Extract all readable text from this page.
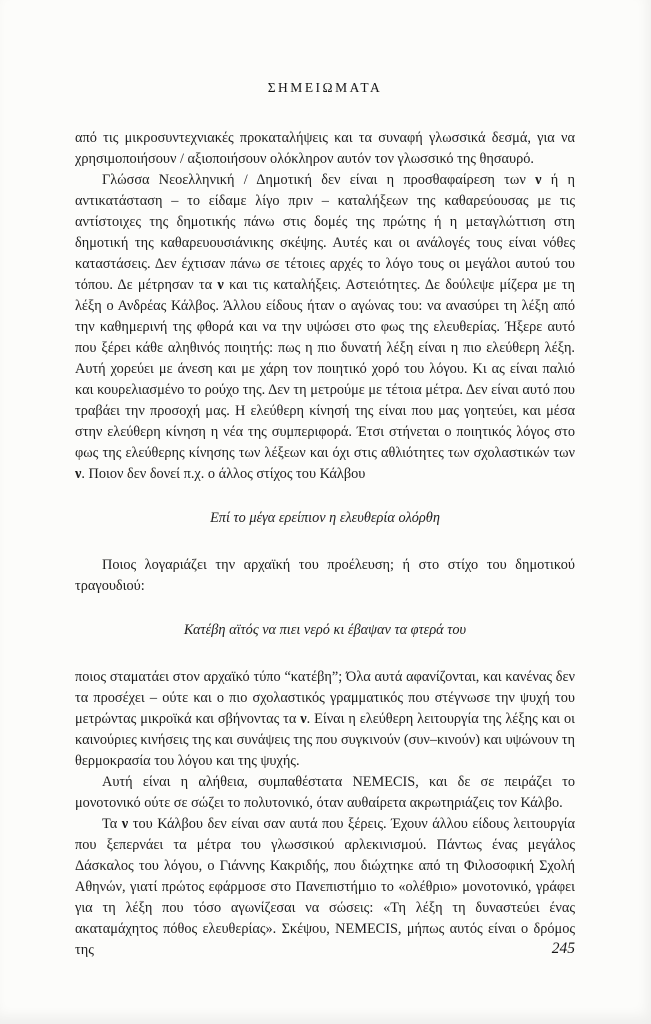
ΣΗΜΕΙΩΜΑΤΑ

από τις μικροσυντεχνιακές προκαταλήψεις και τα συναφή γλωσσικά δεσμά, για να χρησιμοποιήσουν / αξιοποιήσουν ολόκληρον αυτόν τον γλωσσικό της θησαυρό.

Γλώσσα Νεοελληνική / Δημοτική δεν είναι η προσθαφαίρεση των ν ή η αντικατάσταση – το είδαμε λίγο πριν – καταλήξεων της καθαρεύουσας με τις αντίστοιχες της δημοτικής πάνω στις δομές της πρώτης ή η μεταγλώττιση στη δημοτική της καθαρευουσιάνικης σκέψης. Αυτές και οι ανάλογές τους είναι νόθες καταστάσεις. Δεν έχτισαν πάνω σε τέτοιες αρχές το λόγο τους οι μεγάλοι αυτού του τόπου. Δε μέτρησαν τα ν και τις καταλήξεις. Αστειότητες. Δε δούλεψε μίζερα με τη λέξη ο Ανδρέας Κάλβος. Άλλου είδους ήταν ο αγώνας του: να ανασύρει τη λέξη από την καθημερινή της φθορά και να την υψώσει στο φως της ελευθερίας. Ήξερε αυτό που ξέρει κάθε αληθινός ποιητής: πως η πιο δυνατή λέξη είναι η πιο ελεύθερη λέξη. Αυτή χορεύει με άνεση και με χάρη τον ποιητικό χορό του λόγου. Κι ας είναι παλιό και κουρελιασμένο το ρούχο της. Δεν τη μετρούμε με τέτοια μέτρα. Δεν είναι αυτό που τραβάει την προσοχή μας. Η ελεύθερη κίνησή της είναι που μας γοητεύει, και μέσα στην ελεύθερη κίνηση η νέα της συμπεριφορά. Έτσι στήνεται ο ποιητικός λόγος στο φως της ελεύθερης κίνησης των λέξεων και όχι στις αθλιότητες των σχολαστικών των ν. Ποιον δεν δονεί π.χ. ο άλλος στίχος του Κάλβου

Επί το μέγα ερείπιον η ελευθερία ολόρθη

Ποιος λογαριάζει την αρχαϊκή του προέλευση; ή στο στίχο του δημοτικού τραγουδιού:

Κατέβη αϊτός να πιει νερό κι έβαψαν τα φτερά του

ποιος σταματάει στον αρχαϊκό τύπο “κατέβη”; Όλα αυτά αφανίζονται, και κανένας δεν τα προσέχει – ούτε και ο πιο σχολαστικός γραμματικός που στέγνωσε την ψυχή του μετρώντας μικροϊκά και σβήνοντας τα ν. Είναι η ελεύθερη λειτουργία της λέξης και οι καινούριες κινήσεις της και συνάψεις της που συγκινούν (συν–κινούν) και υψώνουν τη θερμοκρασία του λόγου και της ψυχής.

Αυτή είναι η αλήθεια, συμπαθέστατα NEMECIS, και δε σε πειράζει το μονοτονικό ούτε σε σώζει το πολυτονικό, όταν αυθαίρετα ακρωτηριάζεις τον Κάλβο.

Τα ν του Κάλβου δεν είναι σαν αυτά που ξέρεις. Έχουν άλλου είδους λειτουργία που ξεπερνάει τα μέτρα του γλωσσικού αρλεκινισμού. Πάντως ένας μεγάλος Δάσκαλος του λόγου, ο Γιάννης Κακριδής, που διώχτηκε από τη Φιλοσοφική Σχολή Αθηνών, γιατί πρώτος εφάρμοσε στο Πανεπιστήμιο το «ολέθριο» μονοτονικό, γράφει για τη λέξη που τόσο αγωνίζεσαι να σώσεις: «Τη λέξη τη δυναστεύει ένας ακαταμάχητος πόθος ελευθερίας». Σκέψου, NEMECIS, μήπως αυτός είναι ο δρόμος της	245
